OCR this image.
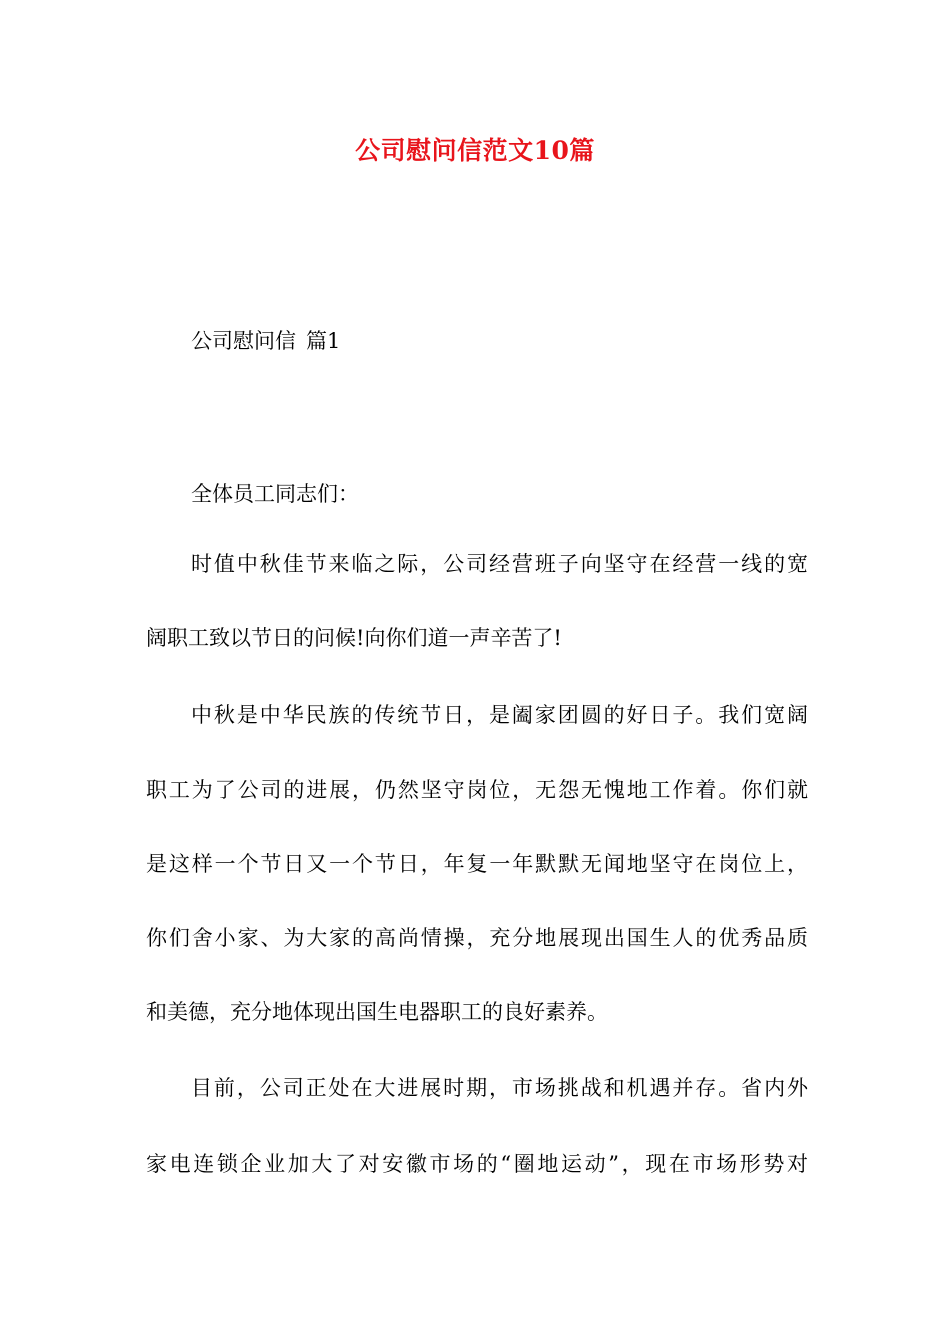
公司慰问信范文10篇
公司慰问信 篇1
全体员工同志们：
时值中秋佳节来临之际，公司经营班子向坚守在经营一线的宽
阔职工致以节日的问候!向你们道一声辛苦了!
中秋是中华民族的传统节日，是阖家团圆的好日子。我们宽阔
职工为了公司的进展，仍然坚守岗位，无怨无愧地工作着。你们就
是这样一个节日又一个节日，年复一年默默无闻地坚守在岗位上，
你们舍小家、为大家的高尚情操，充分地展现出国生人的优秀品质
和美德，充分地体现出国生电器职工的良好素养。
目前，公司正处在大进展时期，市场挑战和机遇并存。省内外
家电连锁企业加大了对安徽市场的“圈地运动”，现在市场形势对
